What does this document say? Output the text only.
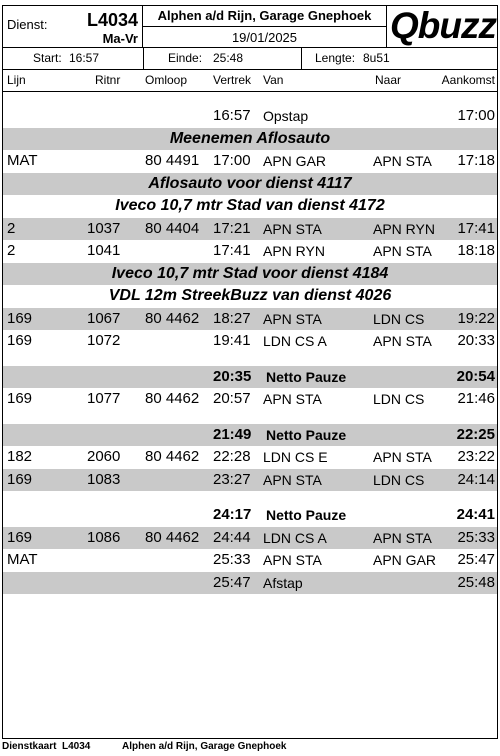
Dienst: L4034
Ma-Vr
Alphen a/d Rijn, Garage Gnephoek
19/01/2025	Qbuzz
Start: 16:57	Einde: 25:48	Lengte: 8u51
Lijn	Ritnr Omloop Vertrek Van	Naar	Aankomst
16:57 Opstap	17:00
Meenemen Aflosauto
MAT	80 4491 17:00 APN GAR	APN STA 17:18
Aflosauto voor dienst 4117
Iveco 10,7 mtr Stad van dienst 4172
2	1037 80 4404 17:21 APN STA	APN RYN 17:41
2	1041	17:41 APN RYN	APN STA 18:18
Iveco 10,7 mtr Stad voor dienst 4184
VDL 12m StreekBuzz van dienst 4026
169	1067 80 4462 18:27 APN STA	LDN CS 19:22
169	1072	19:41 LDN CS A	APN STA 20:33
20:35 Netto Pauze	20:54
169	1077 80 4462 20:57 APN STA	LDN CS 21:46
21:49 Netto Pauze	22:25
182	2060 80 4462 22:28 LDN CS E	APN STA 23:22
169	1083	23:27 APN STA	LDN CS 24:14
24:17 Netto Pauze	24:41
169	1086 80 4462 24:44 LDN CS A	APN STA 25:33
MAT	25:33 APN STA	APN GAR 25:47
25:47 Afstap	25:48
Dienstkaart L4034	Alphen a/d Rijn, Garage Gnephoek
